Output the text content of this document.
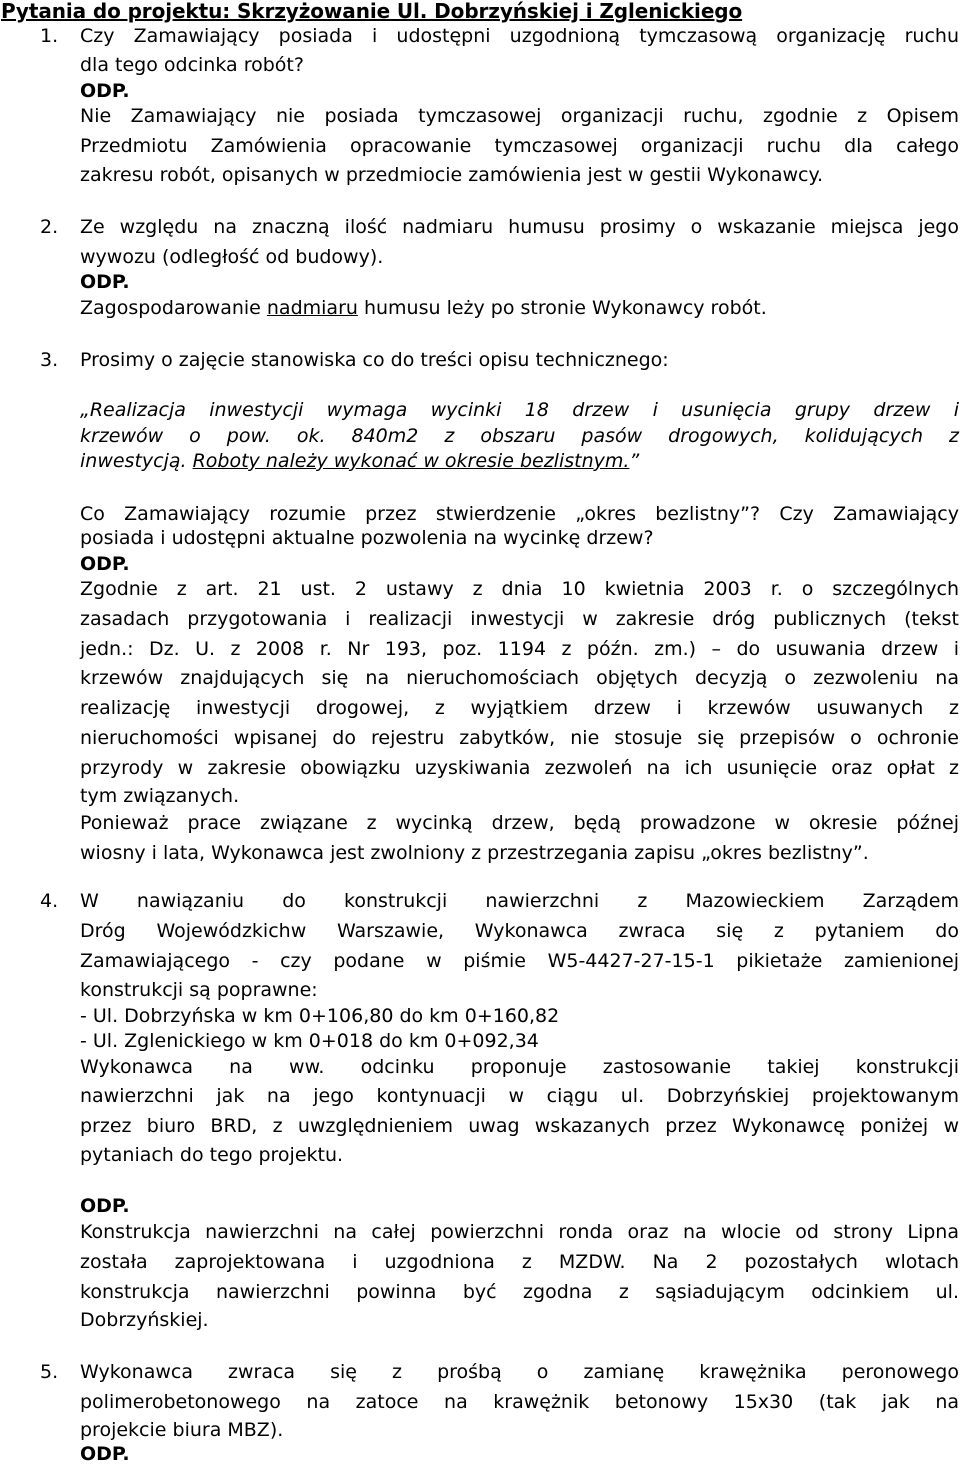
Pytania do projektu: Skrzyżowanie Ul. Dobrzyńskiej i Zglenickiego
1. Czy Zamawiający posiada i udostępni uzgodnioną tymczasową organizację ruchu
dla tego odcinka robót?
ODP.
Nie Zamawiający nie posiada tymczasowej organizacji ruchu, zgodnie z Opisem
Przedmiotu Zamówienia opracowanie tymczasowej organizacji ruchu dla całego
zakresu robót, opisanych w przedmiocie zamówienia jest w gestii Wykonawcy.
2. Ze względu na znaczną ilość nadmiaru humusu prosimy o wskazanie miejsca jego
wywozu (odległość od budowy).
ODP.
Zagospodarowanie nadmiaru humusu leży po stronie Wykonawcy robót.
3. Prosimy o zajęcie stanowiska co do treści opisu technicznego:
„Realizacja inwestycji wymaga wycinki 18 drzew i usunięcia grupy drzew i
krzewów o pow. ok. 840m2 z obszaru pasów drogowych, kolidujących z
inwestycją. Roboty należy wykonać w okresie bezlistnym.”
Co Zamawiający rozumie przez stwierdzenie „okres bezlistny”? Czy Zamawiający
posiada i udostępni aktualne pozwolenia na wycinkę drzew?
ODP.
Zgodnie z art. 21 ust. 2 ustawy z dnia 10 kwietnia 2003 r. o szczególnych
zasadach przygotowania i realizacji inwestycji w zakresie dróg publicznych (tekst
jedn.: Dz. U. z 2008 r. Nr 193, poz. 1194 z późn. zm.) – do usuwania drzew i
krzewów znajdujących się na nieruchomościach objętych decyzją o zezwoleniu na
realizację inwestycji drogowej, z wyjątkiem drzew i krzewów usuwanych z
nieruchomości wpisanej do rejestru zabytków, nie stosuje się przepisów o ochronie
przyrody w zakresie obowiązku uzyskiwania zezwoleń na ich usunięcie oraz opłat z
tym związanych.
Ponieważ prace związane z wycinką drzew, będą prowadzone w okresie późnej
wiosny i lata, Wykonawca jest zwolniony z przestrzegania zapisu „okres bezlistny”.
4. W nawiązaniu do konstrukcji nawierzchni z Mazowieckiem Zarządem
Dróg Wojewódzkichw Warszawie, Wykonawca zwraca się z pytaniem do
Zamawiającego - czy podane w piśmie W5-4427-27-15-1 pikietaże zamienionej
konstrukcji są poprawne:
- Ul. Dobrzyńska w km 0+106,80 do km 0+160,82
- Ul. Zglenickiego w km 0+018 do km 0+092,34
Wykonawca na ww. odcinku proponuje zastosowanie takiej konstrukcji
nawierzchni jak na jego kontynuacji w ciągu ul. Dobrzyńskiej projektowanym
przez biuro BRD, z uwzględnieniem uwag wskazanych przez Wykonawcę poniżej w
pytaniach do tego projektu.
ODP.
Konstrukcja nawierzchni na całej powierzchni ronda oraz na wlocie od strony Lipna
została zaprojektowana i uzgodniona z MZDW. Na 2 pozostałych wlotach
konstrukcja nawierzchni powinna być zgodna z sąsiadującym odcinkiem ul.
Dobrzyńskiej.
5. Wykonawca zwraca się z prośbą o zamianę krawężnika peronowego
polimerobetonowego na zatoce na krawężnik betonowy 15x30 (tak jak na
projekcie biura MBZ).
ODP.
